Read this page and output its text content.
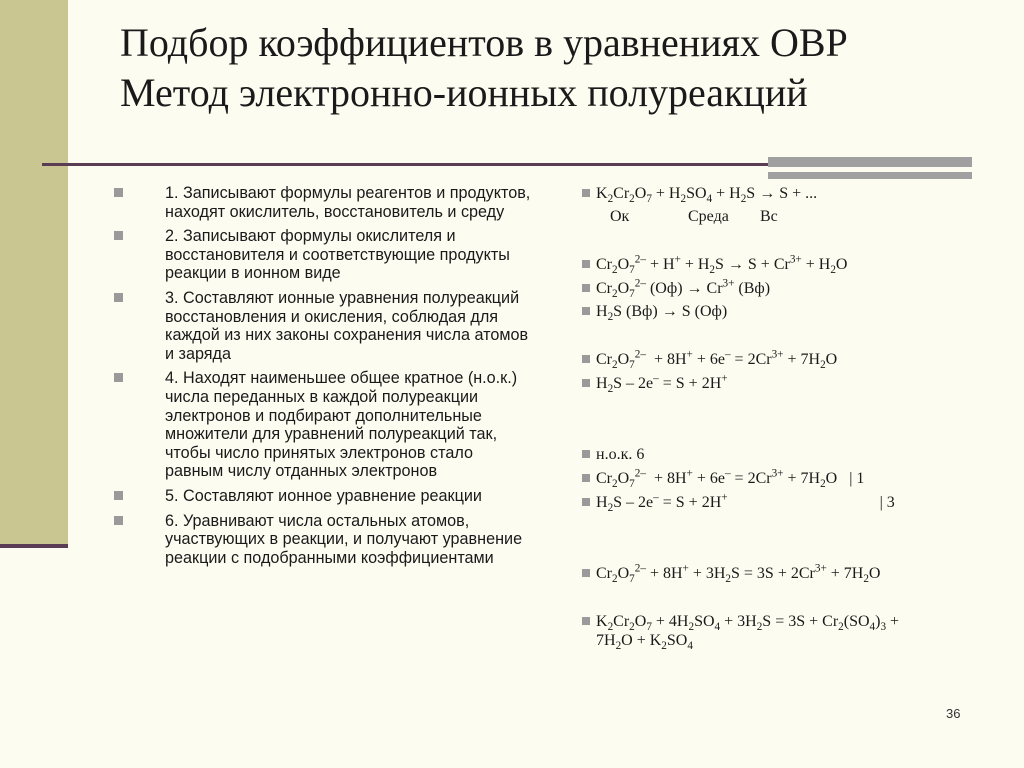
Подбор коэффициентов в уравнениях ОВР
Метод электронно-ионных полуреакций
1. Записывают формулы реагентов и продуктов, находят окислитель, восстановитель и среду
2. Записывают формулы окислителя и восстановителя и соответствующие продукты реакции в ионном виде
3. Составляют ионные уравнения полуреакций восстановления и окисления, соблюдая для каждой из них законы сохранения числа атомов и заряда
4. Находят наименьшее общее кратное (н.о.к.) числа переданных в каждой полуреакции электронов и подбирают дополнительные множители для уравнений полуреакций так, чтобы число принятых электронов стало равным числу отданных электронов
5. Составляют ионное уравнение реакции
6. Уравнивают числа остальных атомов, участвующих в реакции, и получают уравнение реакции с подобранными коэффициентами
$K_2Cr_2O_7 + H_2SO_4 + H_2S \to S$ + ...
Ок	Среда Вс
$Cr_2O_7^{2-} + H^+ + H_2S \to S + Cr^{3+} + H_2O$
$Cr_2O_7^{2-}$ $(Оф) \to Cr^{3+}$ (Вф)
$H_2S$ (Вф) → S (Оф)
$Cr_2O_7^{2-} + 8H^+ + 6e^- = 2Cr^{3+} + 7H_2O$
$H_2S - 2e^- = S + 2H^+$
н.о.к. 6
$Cr_2O_7^{2-} + 8H^+ + 6e^- = 2Cr^{3+} + 7H_2O$   | 1
$H_2S - 2e^- = S + 2H^+$	| 3
$Cr_2O_7^{2-} + 8H^+ + 3H_2S = 3S + 2Cr^{3+} + 7H_2O$
$K_2Cr_2O_7 + 4H_2SO_4 + 3H_2S = 3S + Cr_2(SO_4)_3$ +
$7H_2O + K_2SO_4$
36
